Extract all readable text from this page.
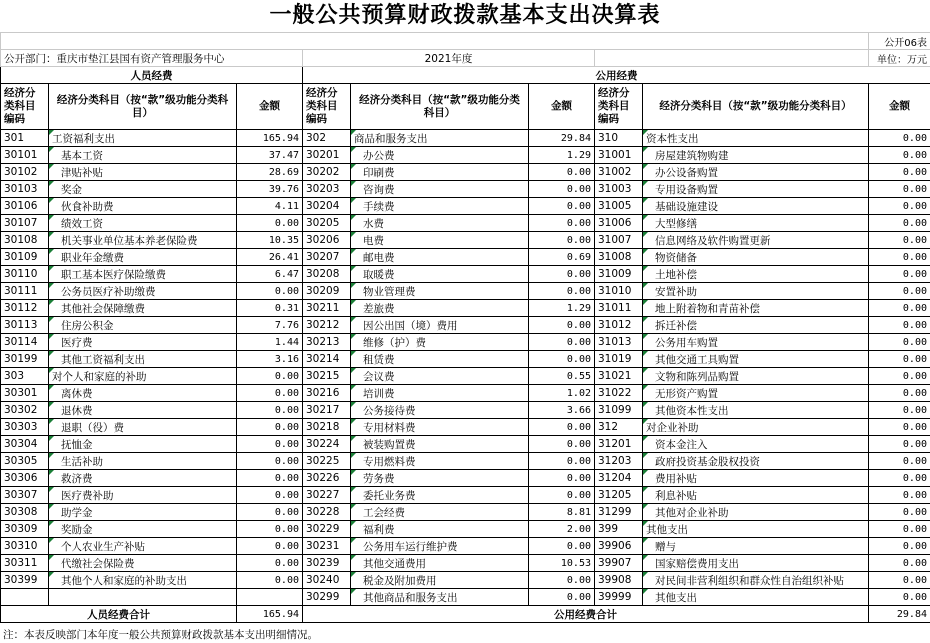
一般公共预算财政拨款基本支出决算表
								公开06表
公开部门：重庆市垫江县国有资产管理服务中心			2021年度					单位：万元
人员经费			公用经费					
经济分类科目编码	经济分类科目（按“款”级功能分类科目）	金额	经济分类科目编码	经济分类科目（按“款”级功能分类科目）	金额	经济分类科目编码	经济分类科目（按“款”级功能分类科目）	金额
301	工资福利支出	165.94	302	商品和服务支出	29.84	310	资本性支出	0.00
30101	基本工资	37.47	30201	办公费	1.29	31001	房屋建筑物购建	0.00
30102	津贴补贴	28.69	30202	印刷费	0.00	31002	办公设备购置	0.00
30103	奖金	39.76	30203	咨询费	0.00	31003	专用设备购置	0.00
30106	伙食补助费	4.11	30204	手续费	0.00	31005	基础设施建设	0.00
30107	绩效工资	0.00	30205	水费	0.00	31006	大型修缮	0.00
30108	机关事业单位基本养老保险费	10.35	30206	电费	0.00	31007	信息网络及软件购置更新	0.00
30109	职业年金缴费	26.41	30207	邮电费	0.69	31008	物资储备	0.00
30110	职工基本医疗保险缴费	6.47	30208	取暖费	0.00	31009	土地补偿	0.00
30111	公务员医疗补助缴费	0.00	30209	物业管理费	0.00	31010	安置补助	0.00
30112	其他社会保障缴费	0.31	30211	差旅费	1.29	31011	地上附着物和青苗补偿	0.00
30113	住房公积金	7.76	30212	因公出国（境）费用	0.00	31012	拆迁补偿	0.00
30114	医疗费	1.44	30213	维修（护）费	0.00	31013	公务用车购置	0.00
30199	其他工资福利支出	3.16	30214	租赁费	0.00	31019	其他交通工具购置	0.00
303	对个人和家庭的补助	0.00	30215	会议费	0.55	31021	文物和陈列品购置	0.00
30301	离休费	0.00	30216	培训费	1.02	31022	无形资产购置	0.00
30302	退休费	0.00	30217	公务接待费	3.66	31099	其他资本性支出	0.00
30303	退职（役）费	0.00	30218	专用材料费	0.00	312	对企业补助	0.00
30304	抚恤金	0.00	30224	被装购置费	0.00	31201	资本金注入	0.00
30305	生活补助	0.00	30225	专用燃料费	0.00	31203	政府投资基金股权投资	0.00
30306	救济费	0.00	30226	劳务费	0.00	31204	费用补贴	0.00
30307	医疗费补助	0.00	30227	委托业务费	0.00	31205	利息补贴	0.00
30308	助学金	0.00	30228	工会经费	8.81	31299	其他对企业补助	0.00
30309	奖励金	0.00	30229	福利费	2.00	399	其他支出	0.00
30310	个人农业生产补贴	0.00	30231	公务用车运行维护费	0.00	39906	赠与	0.00
30311	代缴社会保险费	0.00	30239	其他交通费用	10.53	39907	国家赔偿费用支出	0.00
30399	其他个人和家庭的补助支出	0.00	30240	税金及附加费用	0.00	39908	对民间非营利组织和群众性自治组织补贴	0.00
			30299	其他商品和服务支出	0.00	39999	其他支出	0.00
人员经费合计		165.94	公用经费合计					29.84
注：本表反映部门本年度一般公共预算财政拨款基本支出明细情况。
